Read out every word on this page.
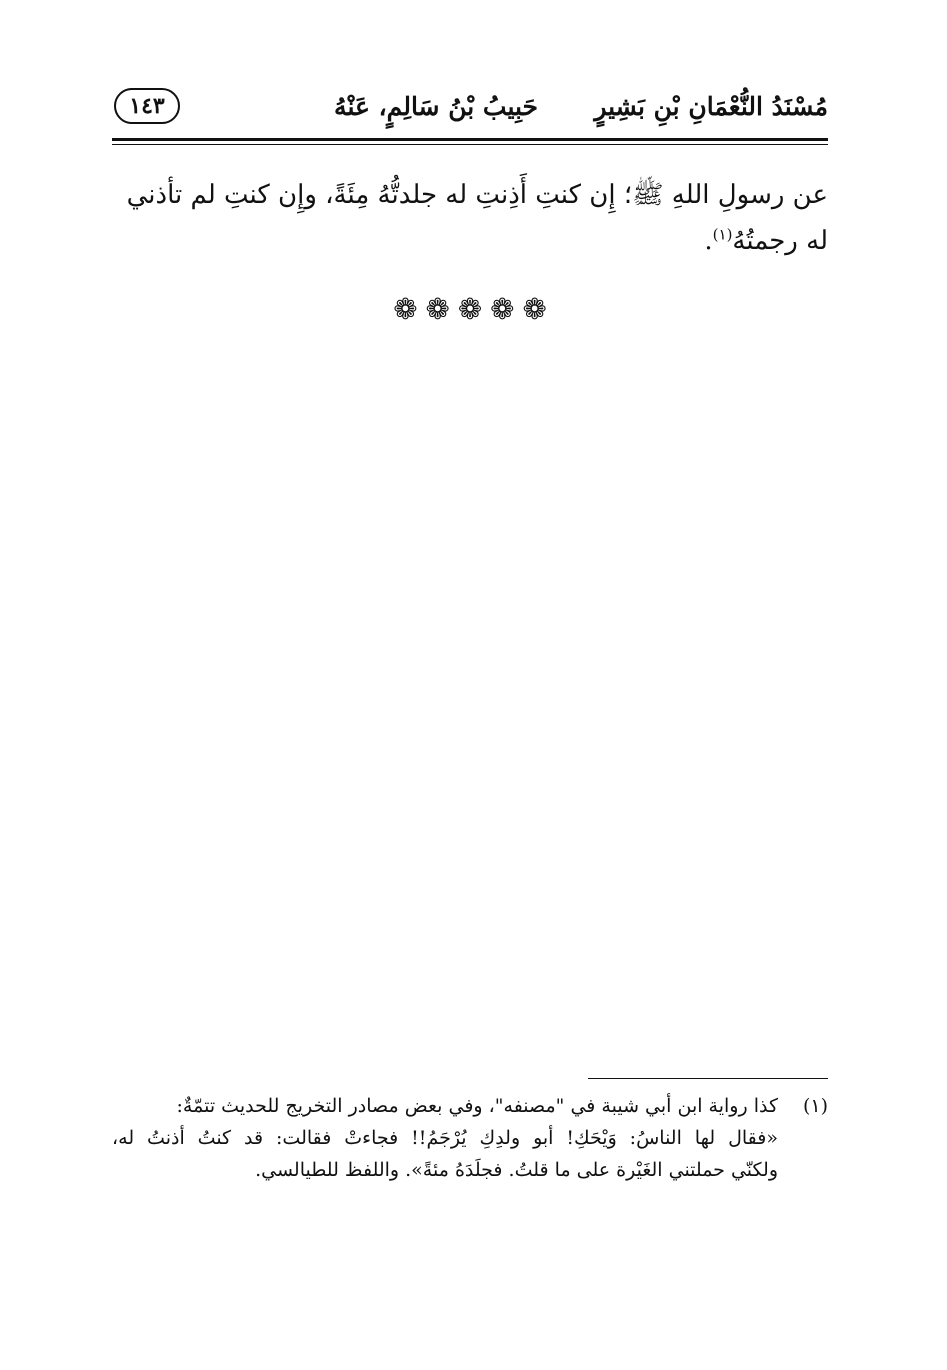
مُسْنَدُ النُّعْمَانِ بْنِ بَشِيرٍ
حَبِيبُ بْنُ سَالِمٍ، عَنْهُ
١٤٣
عن رسولِ اللهِ ﷺ؛ إِن كنتِ أَذِنتِ له جلدتُّهُ مِئَةً، وإِن كنتِ لم تأذني
له رجمتُهُ$^{(١)}$.
❁ ❁ ❁ ❁ ❁
(١)كذا رواية ابن أبي شيبة في "مصنفه"، وفي بعض مصادر التخريج للحديث تتمّةٌ:
«فقال لها الناسُ: وَيْحَكِ! أبو ولدِكِ يُرْجَمُ!! فجاءتْ فقالت: قد كنتُ أذنتُ له،
ولكنّي حملتني الغَيْرة على ما قلتُ. فجلَدَهُ مئةً». واللفظ للطيالسي.
